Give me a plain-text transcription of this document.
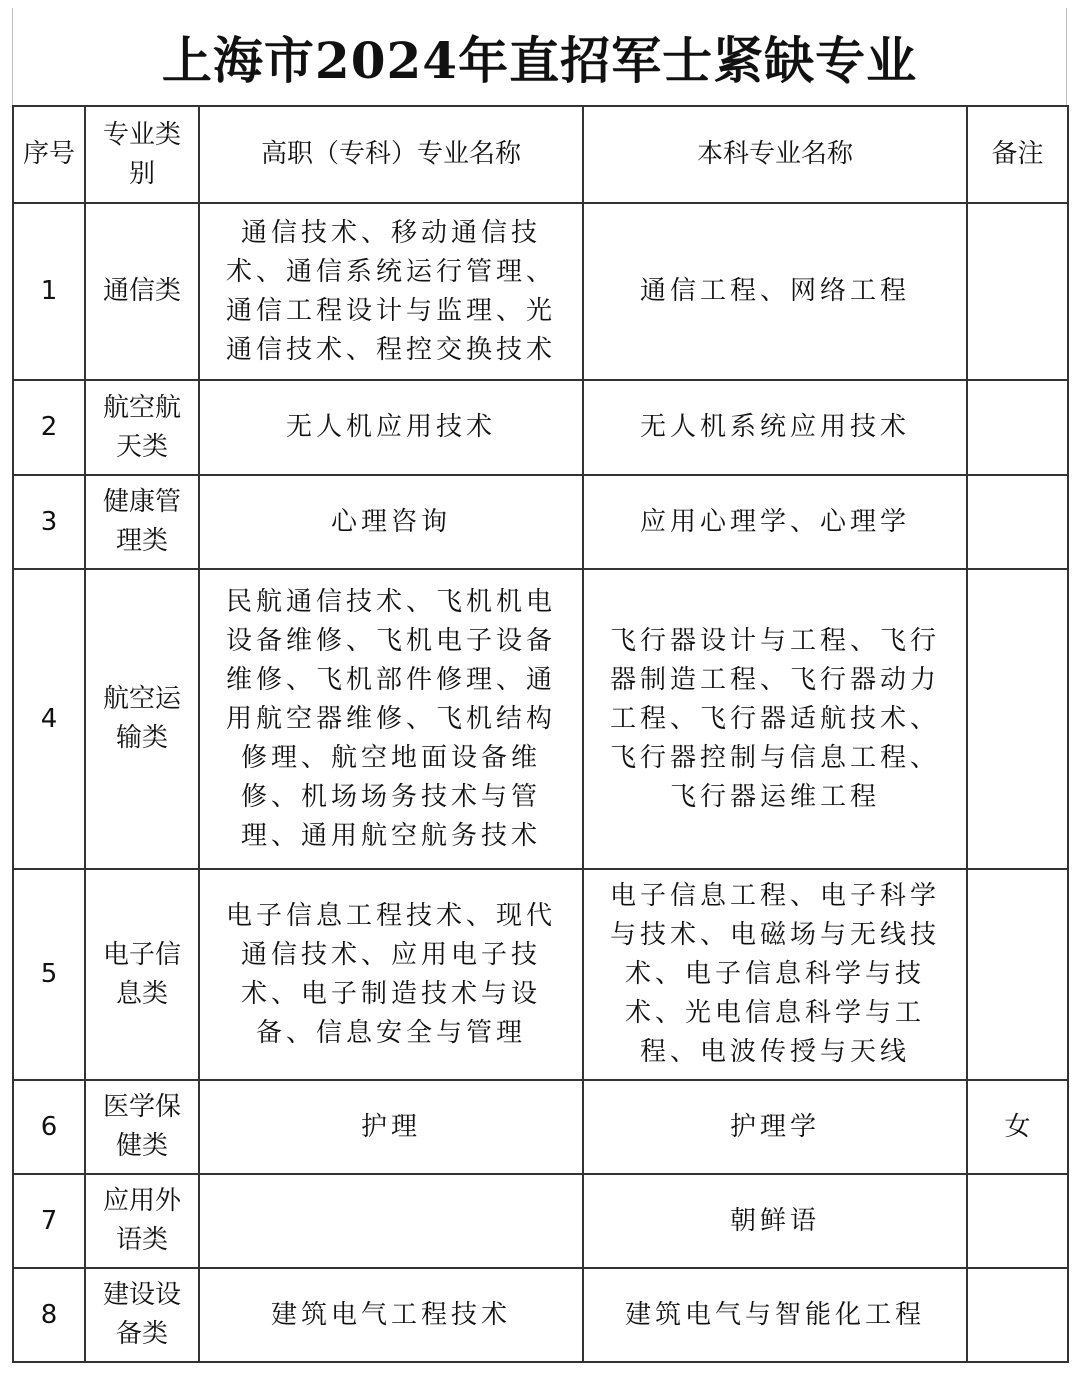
上海市2024年直招军士紧缺专业
序号	专业类别	高职（专科）专业名称	本科专业名称	备注
1	通信类	通信技术、移动通信技术、通信系统运行管理、通信工程设计与监理、光通信技术、程控交换技术	通信工程、网络工程	
2	航空航天类	无人机应用技术	无人机系统应用技术	
3	健康管理类	心理咨询	应用心理学、心理学	
4	航空运输类	民航通信技术、飞机机电设备维修、飞机电子设备维修、飞机部件修理、通用航空器维修、飞机结构修理、航空地面设备维修、机场场务技术与管理、通用航空航务技术	飞行器设计与工程、飞行器制造工程、飞行器动力工程、飞行器适航技术、飞行器控制与信息工程、飞行器运维工程	
5	电子信息类	电子信息工程技术、现代通信技术、应用电子技术、电子制造技术与设备、信息安全与管理	电子信息工程、电子科学与技术、电磁场与无线技术、电子信息科学与技术、光电信息科学与工程、电波传授与天线	
6	医学保健类	护理	护理学	女
7	应用外语类		朝鲜语	
8	建设设备类	建筑电气工程技术	建筑电气与智能化工程	
